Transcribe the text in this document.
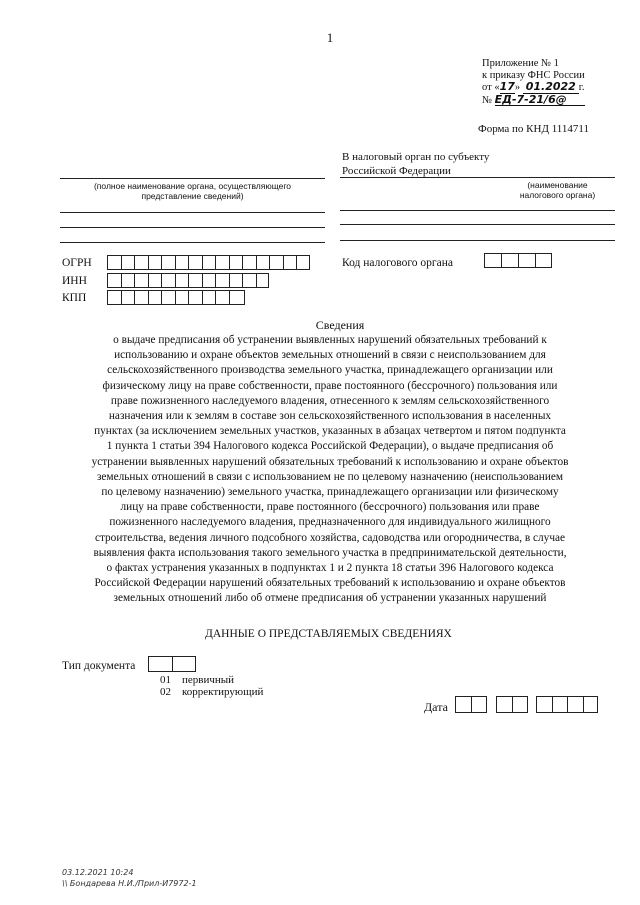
1
Приложение № 1
к приказу ФНС России
от «17» 01.2022 г.
№ ЕД-7-21/6@
Форма по КНД 1114711
В налоговый орган по субъекту
Российской Федерации
(полное наименование органа, осуществляющего
представление сведений)
(наименование
налогового органа)
ОГРН
ИНН
КПП
Код налогового органа
Сведения
о выдаче предписания об устранении выявленных нарушений обязательных требований к
использованию и охране объектов земельных отношений в связи с неиспользованием для
сельскохозяйственного производства земельного участка, принадлежащего организации или
физическому лицу на праве собственности, праве постоянного (бессрочного) пользования или
праве пожизненного наследуемого владения, отнесенного к землям сельскохозяйственного
назначения или к землям в составе зон сельскохозяйственного использования в населенных
пунктах (за исключением земельных участков, указанных в абзацах четвертом и пятом подпункта
1 пункта 1 статьи 394 Налогового кодекса Российской Федерации), о выдаче предписания об
устранении выявленных нарушений обязательных требований к использованию и охране объектов
земельных отношений в связи с использованием не по целевому назначению (неиспользованием
по целевому назначению) земельного участка, принадлежащего организации или физическому
лицу на праве собственности, праве постоянного (бессрочного) пользования или праве
пожизненного наследуемого владения, предназначенного для индивидуального жилищного
строительства, ведения личного подсобного хозяйства, садоводства или огородничества, в случае
выявления факта использования такого земельного участка в предпринимательской деятельности,
о фактах устранения указанных в подпунктах 1 и 2 пункта 18 статьи 396 Налогового кодекса
Российской Федерации нарушений обязательных требований к использованию и охране объектов
земельных отношений либо об отмене предписания об устранении указанных нарушений
ДАННЫЕ О ПРЕДСТАВЛЯЕМЫХ СВЕДЕНИЯХ
Тип документа
01 первичный
02 корректирующий
Дата
03.12.2021 10:24
\\ Бондарева Н.И./Прил-И7972-1
